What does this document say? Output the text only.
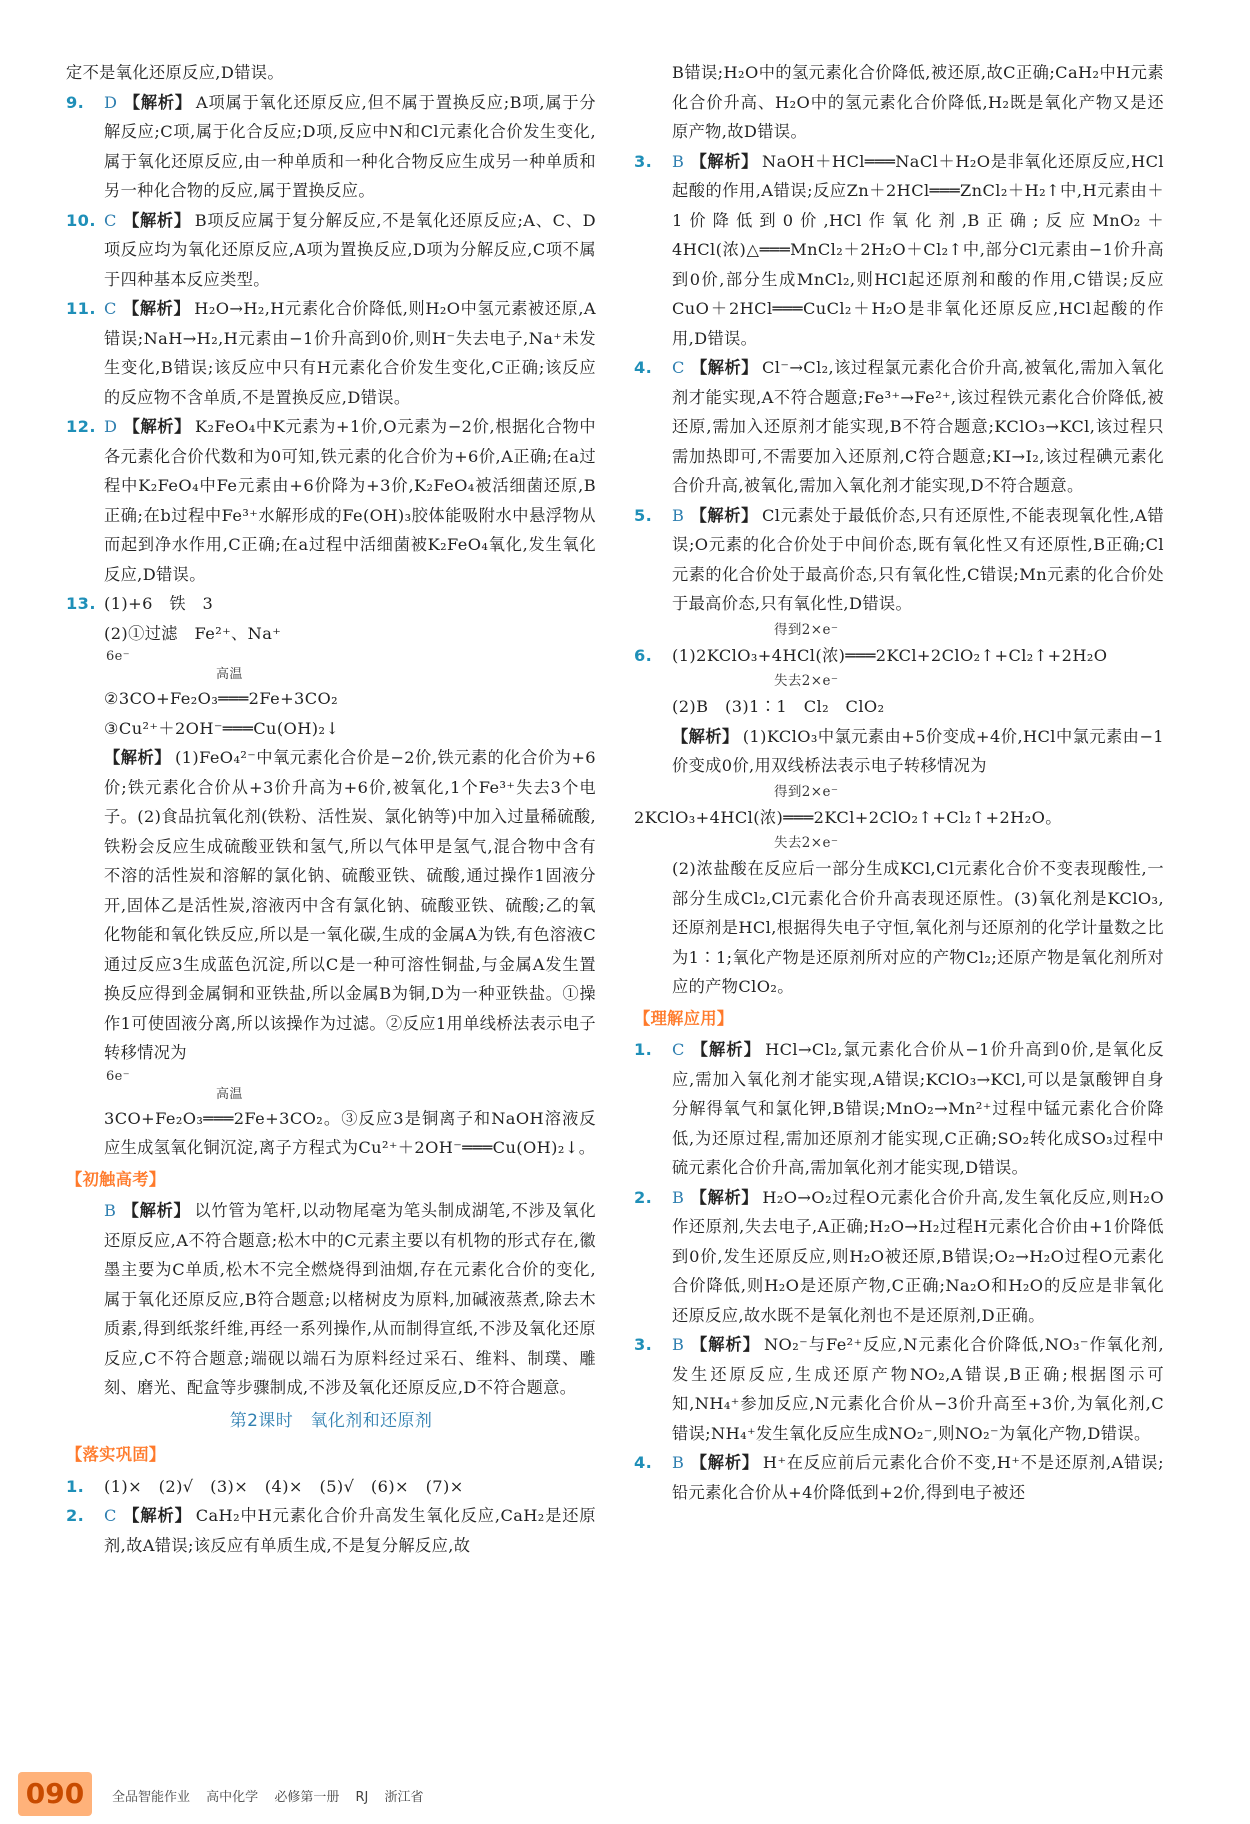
定不是氧化还原反应,D错误。

9. D 【解析】 A项属于氧化还原反应,但不属于置换反应;B项,属于分解反应;C项,属于化合反应;D项,反应中N和Cl元素化合价发生变化,属于氧化还原反应,由一种单质和一种化合物反应生成另一种单质和另一种化合物的反应,属于置换反应。
10. C 【解析】 B项反应属于复分解反应,不是氧化还原反应;A、C、D项反应均为氧化还原反应,A项为置换反应,D项为分解反应,C项不属于四种基本反应类型。
11. C 【解析】 H₂O→H₂,H元素化合价降低,则H₂O中氢元素被还原,A错误;NaH→H₂,H元素由−1价升高到0价,则H⁻失去电子,Na⁺未发生变化,B错误;该反应中只有H元素化合价发生变化,C正确;该反应的反应物不含单质,不是置换反应,D错误。
12. D 【解析】 K₂FeO₄中K元素为+1价,O元素为−2价,根据化合物中各元素化合价代数和为0可知,铁元素的化合价为+6价,A正确;在a过程中K₂FeO₄中Fe元素由+6价降为+3价,K₂FeO₄被活细菌还原,B正确;在b过程中Fe³⁺水解形成的Fe(OH)₃胶体能吸附水中悬浮物从而起到净水作用,C正确;在a过程中活细菌被K₂FeO₄氧化,发生氧化反应,D错误。
13. (1)+6　铁　3

(2)①过滤　Fe²⁺、Na⁺

6e⁻
高温

②3CO+Fe₂O₃═══2Fe+3CO₂

③Cu²⁺＋2OH⁻═══Cu(OH)₂↓

【解析】 (1)FeO₄²⁻中氧元素化合价是−2价,铁元素的化合价为+6价;铁元素化合价从+3价升高为+6价,被氧化,1个Fe³⁺失去3个电子。(2)食品抗氧化剂(铁粉、活性炭、氯化钠等)中加入过量稀硫酸,铁粉会反应生成硫酸亚铁和氢气,所以气体甲是氢气,混合物中含有不溶的活性炭和溶解的氯化钠、硫酸亚铁、硫酸,通过操作1固液分开,固体乙是活性炭,溶液丙中含有氯化钠、硫酸亚铁、硫酸;乙的氧化物能和氧化铁反应,所以是一氧化碳,生成的金属A为铁,有色溶液C通过反应3生成蓝色沉淀,所以C是一种可溶性铜盐,与金属A发生置换反应得到金属铜和亚铁盐,所以金属B为铜,D为一种亚铁盐。①操作1可使固液分离,所以该操作为过滤。②反应1用单线桥法表示电子转移情况为

6e⁻
高温

3CO+Fe₂O₃═══2Fe+3CO₂。③反应3是铜离子和NaOH溶液反应生成氢氧化铜沉淀,离子方程式为Cu²⁺＋2OH⁻═══Cu(OH)₂↓。

【初触高考】

B 【解析】 以竹管为笔杆,以动物尾毫为笔头制成湖笔,不涉及氧化还原反应,A不符合题意;松木中的C元素主要以有机物的形式存在,徽墨主要为C单质,松木不完全燃烧得到油烟,存在元素化合价的变化,属于氧化还原反应,B符合题意;以楮树皮为原料,加碱液蒸煮,除去木质素,得到纸浆纤维,再经一系列操作,从而制得宣纸,不涉及氧化还原反应,C不符合题意;端砚以端石为原料经过采石、维料、制璞、雕刻、磨光、配盒等步骤制成,不涉及氧化还原反应,D不符合题意。

第2课时　氧化剂和还原剂
【落实巩固】
1. (1)×　(2)√　(3)×　(4)×　(5)√　(6)×　(7)×
2. C 【解析】 CaH₂中H元素化合价升高发生氧化反应,CaH₂是还原剂,故A错误;该反应有单质生成,不是复分解反应,故

B错误;H₂O中的氢元素化合价降低,被还原,故C正确;CaH₂中H元素化合价升高、H₂O中的氢元素化合价降低,H₂既是氧化产物又是还原产物,故D错误。

3. B 【解析】 NaOH＋HCl═══NaCl＋H₂O是非氧化还原反应,HCl起酸的作用,A错误;反应Zn＋2HCl═══ZnCl₂＋H₂↑中,H元素由＋1价降低到0价,HCl作氧化剂,B正确;反应MnO₂＋4HCl(浓)△═══MnCl₂＋2H₂O＋Cl₂↑中,部分Cl元素由−1价升高到0价,部分生成MnCl₂,则HCl起还原剂和酸的作用,C错误;反应CuO＋2HCl═══CuCl₂＋H₂O是非氧化还原反应,HCl起酸的作用,D错误。
4. C 【解析】 Cl⁻→Cl₂,该过程氯元素化合价升高,被氧化,需加入氧化剂才能实现,A不符合题意;Fe³⁺→Fe²⁺,该过程铁元素化合价降低,被还原,需加入还原剂才能实现,B不符合题意;KClO₃→KCl,该过程只需加热即可,不需要加入还原剂,C符合题意;KI→I₂,该过程碘元素化合价升高,被氧化,需加入氧化剂才能实现,D不符合题意。
5. B 【解析】 Cl元素处于最低价态,只有还原性,不能表现氧化性,A错误;O元素的化合价处于中间价态,既有氧化性又有还原性,B正确;Cl元素的化合价处于最高价态,只有氧化性,C错误;Mn元素的化合价处于最高价态,只有氧化性,D错误。
得到2×e⁻
6. (1)2KClO₃+4HCl(浓)═══2KCl+2ClO₂↑+Cl₂↑+2H₂O
失去2×e⁻

(2)B　(3)1∶1　Cl₂　ClO₂

【解析】 (1)KClO₃中氯元素由+5价变成+4价,HCl中氯元素由−1价变成0价,用双线桥法表示电子转移情况为

得到2×e⁻

2KClO₃+4HCl(浓)═══2KCl+2ClO₂↑+Cl₂↑+2H₂O。

失去2×e⁻

(2)浓盐酸在反应后一部分生成KCl,Cl元素化合价不变表现酸性,一部分生成Cl₂,Cl元素化合价升高表现还原性。(3)氧化剂是KClO₃,还原剂是HCl,根据得失电子守恒,氧化剂与还原剂的化学计量数之比为1∶1;氧化产物是还原剂所对应的产物Cl₂;还原产物是氧化剂所对应的产物ClO₂。

【理解应用】
1. C 【解析】 HCl→Cl₂,氯元素化合价从−1价升高到0价,是氧化反应,需加入氧化剂才能实现,A错误;KClO₃→KCl,可以是氯酸钾自身分解得氧气和氯化钾,B错误;MnO₂→Mn²⁺过程中锰元素化合价降低,为还原过程,需加还原剂才能实现,C正确;SO₂转化成SO₃过程中硫元素化合价升高,需加氧化剂才能实现,D错误。
2. B 【解析】 H₂O→O₂过程O元素化合价升高,发生氧化反应,则H₂O作还原剂,失去电子,A正确;H₂O→H₂过程H元素化合价由+1价降低到0价,发生还原反应,则H₂O被还原,B错误;O₂→H₂O过程O元素化合价降低,则H₂O是还原产物,C正确;Na₂O和H₂O的反应是非氧化还原反应,故水既不是氧化剂也不是还原剂,D正确。
3. B 【解析】 NO₂⁻与Fe²⁺反应,N元素化合价降低,NO₃⁻作氧化剂,发生还原反应,生成还原产物NO₂,A错误,B正确;根据图示可知,NH₄⁺参加反应,N元素化合价从−3价升高至+3价,为氧化剂,C错误;NH₄⁺发生氧化反应生成NO₂⁻,则NO₂⁻为氧化产物,D错误。
4. B 【解析】 H⁺在反应前后元素化合价不变,H⁺不是还原剂,A错误;铅元素化合价从+4价降低到+2价,得到电子被还
090	全品智能作业 高中化学 必修第一册 RJ 浙江省
